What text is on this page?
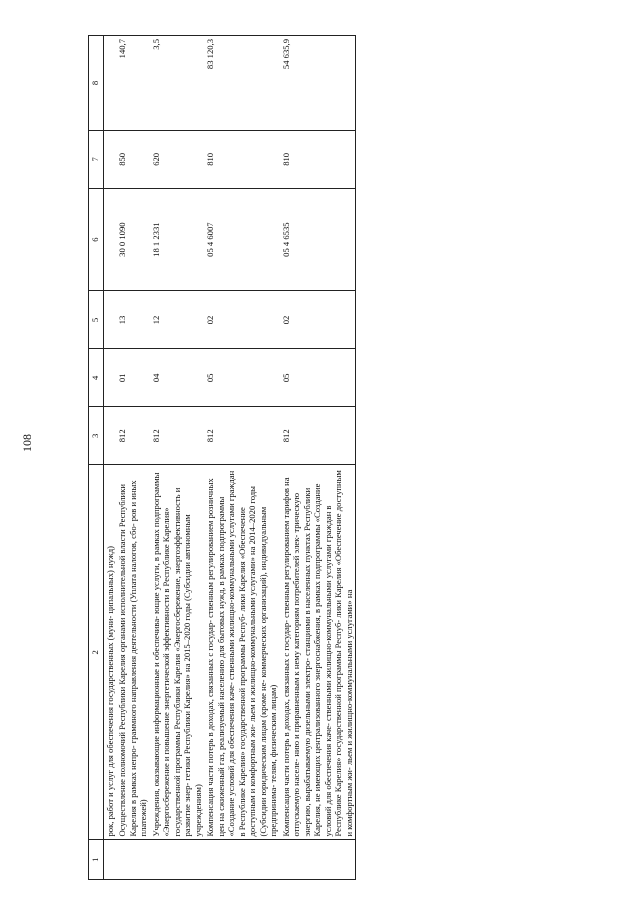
108
1	2	3	4	5	6	7	8
	рок, работ и услуг для обеспечения государственных (муни- ципальных) нужд)						
	Осуществление полномочий Республики Карелия органами исполнительной власти Республики Карелия в рамках непро- граммного направления деятельности (Уплата налогов, сбо- ров и иных платежей)	812	01	13	30 0 1090	850	140,7
	Учреждения, оказывающие информационные и обеспечива- ющие услуги, в рамках подпрограммы «Энергосбережение и повышение энергетической эффективности в Республике Карелия» государственной программы Республики Карелия «Энергосбережение, энергоэффективность и развитие энер- гетики Республики Карелия» на 2015–2020 годы (Субсидии автономным учреждениям)	812	04	12	18 1 2331	620	3,5
	Компенсация части потерь в доходах, связанных с государ- ственным регулированием розничных цен на сжиженный газ, реализуемый населению для бытовых нужд, в рамках подпрограммы «Создание условий для обеспечения каче- ственными жилищно-коммунальными услугами граждан в Республике Карелия» государственной программы Респуб- лики Карелия «Обеспечение доступным и комфортным жи- льем и жилищно-коммунальными услугами» на 2014–2020 годы (Субсидии юридическим лицам (кроме не- коммерческих организаций), индивидуальным предпринима- телям, физическим лицам)	812	05	02	05 4 6007	810	83 120,3
	Компенсация части потерь в доходах, связанных с государ- ственным регулированием тарифов на отпускаемую населе- нию и приравненным к нему категориям потребителей элек- трическую энергию, вырабатываемую дизельными электро- станциями в населенных пунктах Республики Карелия, не имеющих централизованного энергоснабжения, в рамках подпрограммы «Создание условий для обеспечения каче- ственными жилищно-коммунальными услугами граждан в Республике Карелия» государственной программы Респуб- лики Карелия «Обеспечение доступным и комфортным жи- льем и жилищно-коммунальными услугами» на	812	05	02	05 4 6535	810	54 635,9
